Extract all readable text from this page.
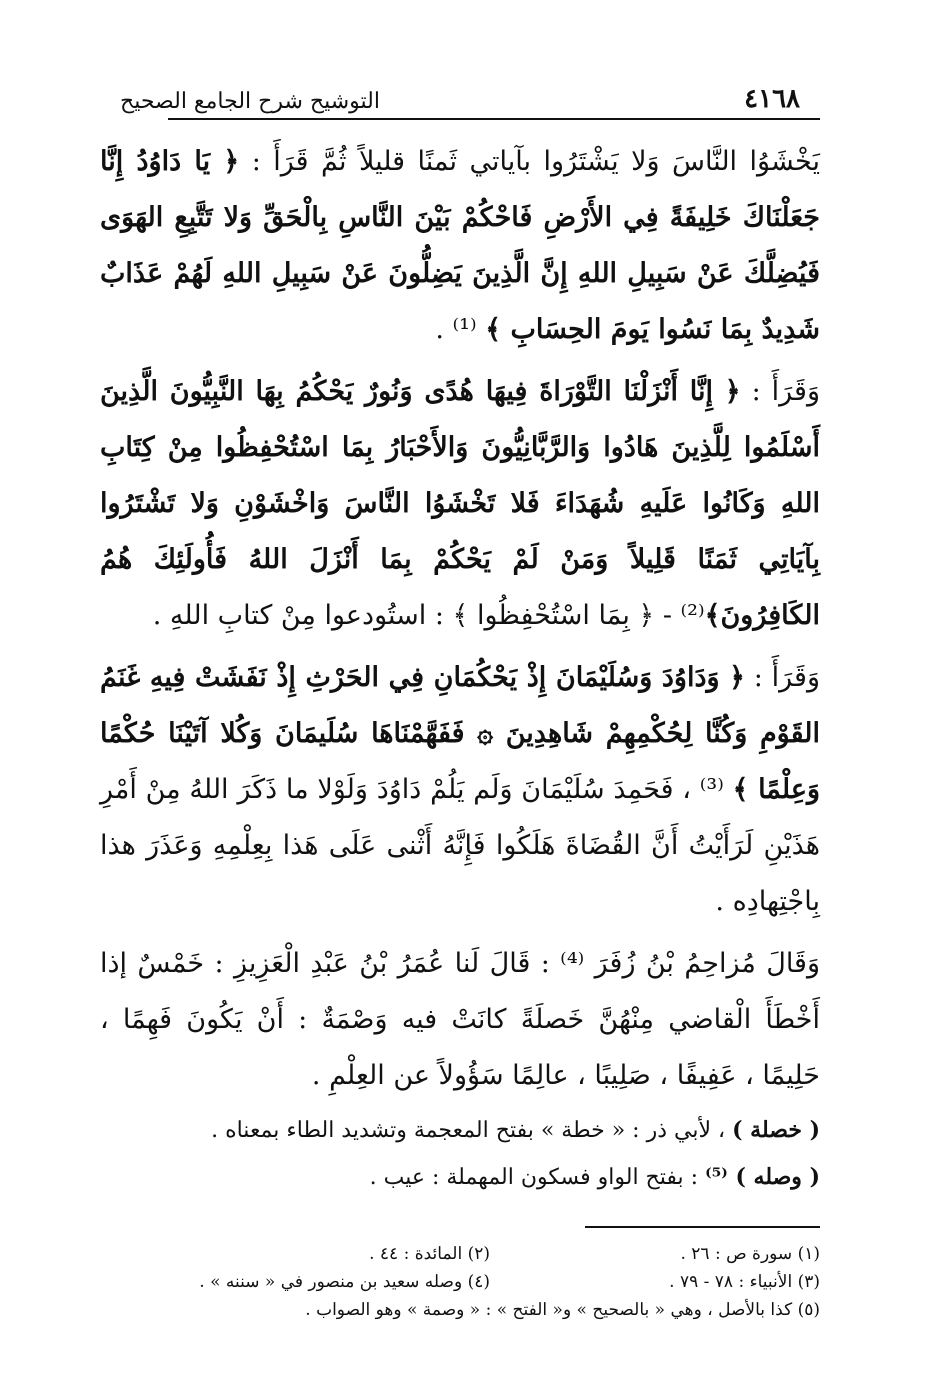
٤١٦٨
التوشيح شرح الجامع الصحيح

يَخْشَوُا النَّاسَ وَلا يَشْتَرُوا بآياتي ثَمنًا قليلاً ثُمَّ قَرَأَ : ﴿ يَا دَاوُدُ إِنَّا جَعَلْنَاكَ خَلِيفَةً فِي الأَرْضِ فَاحْكُمْ بَيْنَ النَّاسِ بِالْحَقِّ وَلا تَتَّبِعِ الهَوَى فَيُضِلَّكَ عَنْ سَبِيلِ اللهِ إِنَّ الَّذِينَ يَضِلُّونَ عَنْ سَبِيلِ اللهِ لَهُمْ عَذَابٌ شَدِيدٌ بِمَا نَسُوا يَومَ الحِسَابِ ﴾ ⁽¹⁾ .

وَقَرَأَ : ﴿ إِنَّا أَنْزَلْنَا التَّوْرَاةَ فِيهَا هُدًى وَنُورٌ يَحْكُمُ بِهَا النَّبِيُّونَ الَّذِينَ أَسْلَمُوا لِلَّذِينَ هَادُوا وَالرَّبَّانِيُّونَ وَالأَحْبَارُ بِمَا اسْتُحْفِظُوا مِنْ كِتَابِ اللهِ وَكَانُوا عَلَيهِ شُهَدَاءَ فَلا تَخْشَوُا النَّاسَ وَاخْشَوْنِ وَلا تَشْتَرُوا بِآيَاتِي ثَمَنًا قَلِيلاً وَمَنْ لَمْ يَحْكُمْ بِمَا أَنْزَلَ اللهُ فَأُولَئِكَ هُمُ الكَافِرُونَ﴾⁽²⁾ - ﴿ بِمَا اسْتُحْفِظُوا ﴾ : استُودعوا مِنْ كتابِ اللهِ .

وَقَرَأَ : ﴿ وَدَاوُدَ وَسُلَيْمَانَ إِذْ يَحْكُمَانِ فِي الحَرْثِ إِذْ نَفَشَتْ فِيهِ غَنَمُ القَوْمِ وَكُنَّا لِحُكْمِهِمْ شَاهِدِينَ ۞ فَفَهَّمْنَاهَا سُلَيمَانَ وَكُلا آتَيْنَا حُكْمًا وَعِلْمًا ﴾ ⁽³⁾ ، فَحَمِدَ سُلَيْمَانَ وَلَم يَلُمْ دَاوُدَ وَلَوْلا ما ذَكَرَ اللهُ مِنْ أَمْرِ هَذَيْنِ لَرَأَيْتُ أَنَّ القُضَاةَ هَلَكُوا فَإِنَّهُ أَثْنى عَلَى هَذا بِعِلْمِهِ وَعَذَرَ هذا بِاجْتِهادِه .

وَقَالَ مُزاحِمُ بْنُ زُفَرَ ⁽⁴⁾ : قَالَ لَنا عُمَرُ بْنُ عَبْدِ الْعَزِيزِ : خَمْسٌ إذا أَخْطَأَ الْقاضي مِنْهُنَّ خَصلَةً كانَتْ فيه وَصْمَةٌ : أَنْ يَكُونَ فَهِمًا ، حَلِيمًا ، عَفِيفًا ، صَلِيبًا ، عالِمًا سَؤُولاً عن العِلْمِ .

( خصلة ) ، لأبي ذر : « خطة » بفتح المعجمة وتشديد الطاء بمعناه .

( وصله ) ⁽⁵⁾ : بفتح الواو فسكون المهملة : عيب .

(١) سورة ص : ٢٦ .
(٢) المائدة : ٤٤ .
(٣) الأنبياء : ٧٨ - ٧٩ .
(٤) وصله سعيد بن منصور في « سننه » .
(٥) كذا بالأصل ، وهي « بالصحيح » و« الفتح » : « وصمة » وهو الصواب .
